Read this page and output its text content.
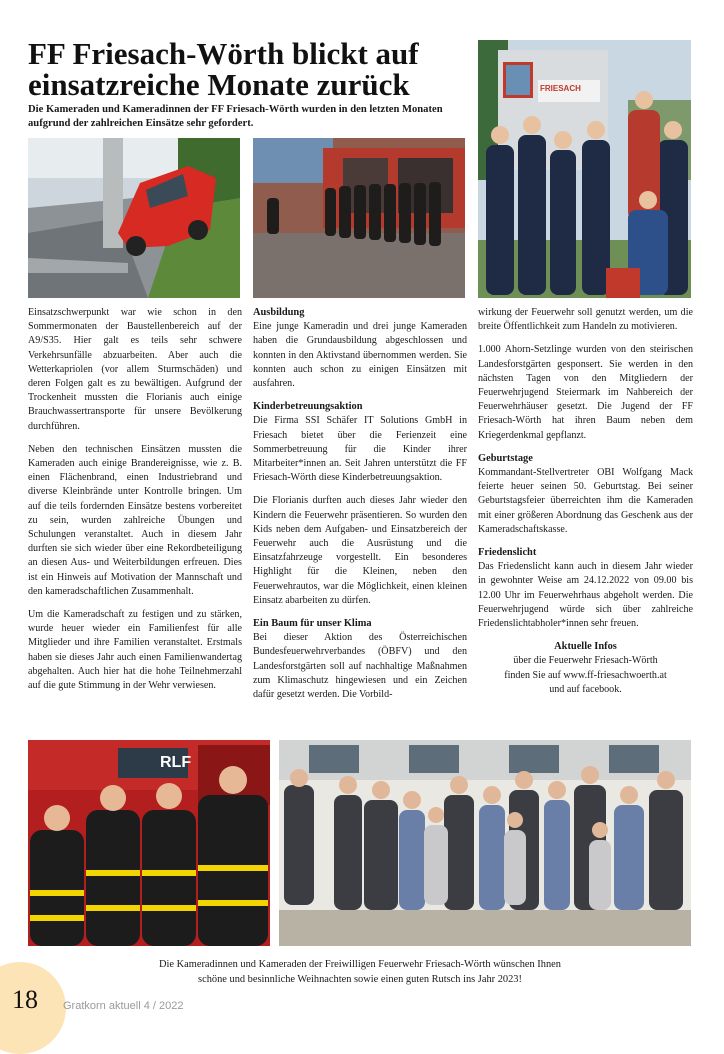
FF Friesach-Wörth blickt auf einsatzreiche Monate zurück

Die Kameraden und Kameradinnen der FF Friesach-Wörth wurden in den letzten Monaten aufgrund der zahlreichen Einsätze sehr gefordert.

FRIESACH

Einsatzschwerpunkt war wie schon in den Sommermonaten der Baustellenbereich auf der A9/S35. Hier galt es teils sehr schwere Verkehrsunfälle abzuarbeiten. Aber auch die Wetterkapriolen (vor allem Sturmschäden) und deren Folgen galt es zu bewältigen. Aufgrund der Trockenheit mussten die Florianis auch einige Brauchwassertransporte für unsere Bevölkerung durchführen.

Neben den technischen Einsätzen mussten die Kameraden auch einige Brandereignisse, wie z. B. einen Flächenbrand, einen Industriebrand und diverse Kleinbrände unter Kontrolle bringen. Um auf die teils fordernden Einsätze bestens vorbereitet zu sein, wurden zahlreiche Übungen und Schulungen veranstaltet. Auch in diesem Jahr durften sie sich wieder über eine Rekordbeteiligung an diesen Aus- und Weiterbildungen erfreuen. Dies ist ein Hinweis auf Motivation der Mannschaft und den kameradschaftlichen Zusammenhalt.

Um die Kameradschaft zu festigen und zu stärken, wurde heuer wieder ein Familienfest für alle Mitglieder und ihre Familien veranstaltet. Erstmals haben sie dieses Jahr auch einen Familienwandertag abgehalten. Auch hier hat die hohe Teilnehmerzahl auf die gute Stimmung in der Wehr verwiesen.

Ausbildung

Eine junge Kameradin und drei junge Kameraden haben die Grundausbildung abgeschlossen und konnten in den Aktivstand übernommen werden. Sie konnten auch schon zu einigen Einsätzen mit ausfahren.

Kinderbetreuungsaktion

Die Firma SSI Schäfer IT Solutions GmbH in Friesach bietet über die Ferienzeit eine Sommerbetreuung für die Kinder ihrer Mitarbeiter*innen an. Seit Jahren unterstützt die FF Friesach-Wörth diese Kinderbetreuungsaktion.

Die Florianis durften auch dieses Jahr wieder den Kindern die Feuerwehr präsentieren. So wurden den Kids neben dem Aufgaben- und Einsatzbereich der Feuerwehr auch die Ausrüstung und die Einsatzfahrzeuge vorgestellt. Ein besonderes Highlight für die Kleinen, neben den Feuerwehrautos, war die Möglichkeit, einen kleinen Einsatz abarbeiten zu dürfen.

Ein Baum für unser Klima

Bei dieser Aktion des Österreichischen Bundesfeuerwehrverbandes (ÖBFV) und den Landesforstgärten soll auf nachhaltige Maßnahmen zum Klimaschutz hingewiesen und ein Zeichen dafür gesetzt werden. Die Vorbild-

wirkung der Feuerwehr soll genutzt werden, um die breite Öffentlichkeit zum Handeln zu motivieren.

1.000 Ahorn-Setzlinge wurden von den steirischen Landesforstgärten gesponsert. Sie werden in den nächsten Tagen von den Mitgliedern der Feuerwehrjugend Steiermark im Nahbereich der Feuerwehrhäuser gesetzt. Die Jugend der FF Friesach-Wörth hat ihren Baum neben dem Kriegerdenkmal gepflanzt.

Geburtstage

Kommandant-Stellvertreter OBI Wolfgang Mack feierte heuer seinen 50. Geburtstag. Bei seiner Geburtstagsfeier überreichten ihm die Kameraden mit einer größeren Abordnung das Geschenk aus der Kameradschaftskasse.

Friedenslicht

Das Friedenslicht kann auch in diesem Jahr wieder in gewohnter Weise am 24.12.2022 von 09.00 bis 12.00 Uhr im Feuerwehrhaus abgeholt werden. Die Feuerwehrjugend würde sich über zahlreiche Friedenslichtabholer*innen sehr freuen.

Aktuelle Infos
über die Feuerwehr Friesach-Wörth
finden Sie auf www.ff-friesachwoerth.at
und auf facebook.
RLF
Die Kameradinnen und Kameraden der Freiwilligen Feuerwehr Friesach-Wörth wünschen Ihnen
schöne und besinnliche Weihnachten sowie einen guten Rutsch ins Jahr 2023!
18 Gratkorn aktuell 4 / 2022
